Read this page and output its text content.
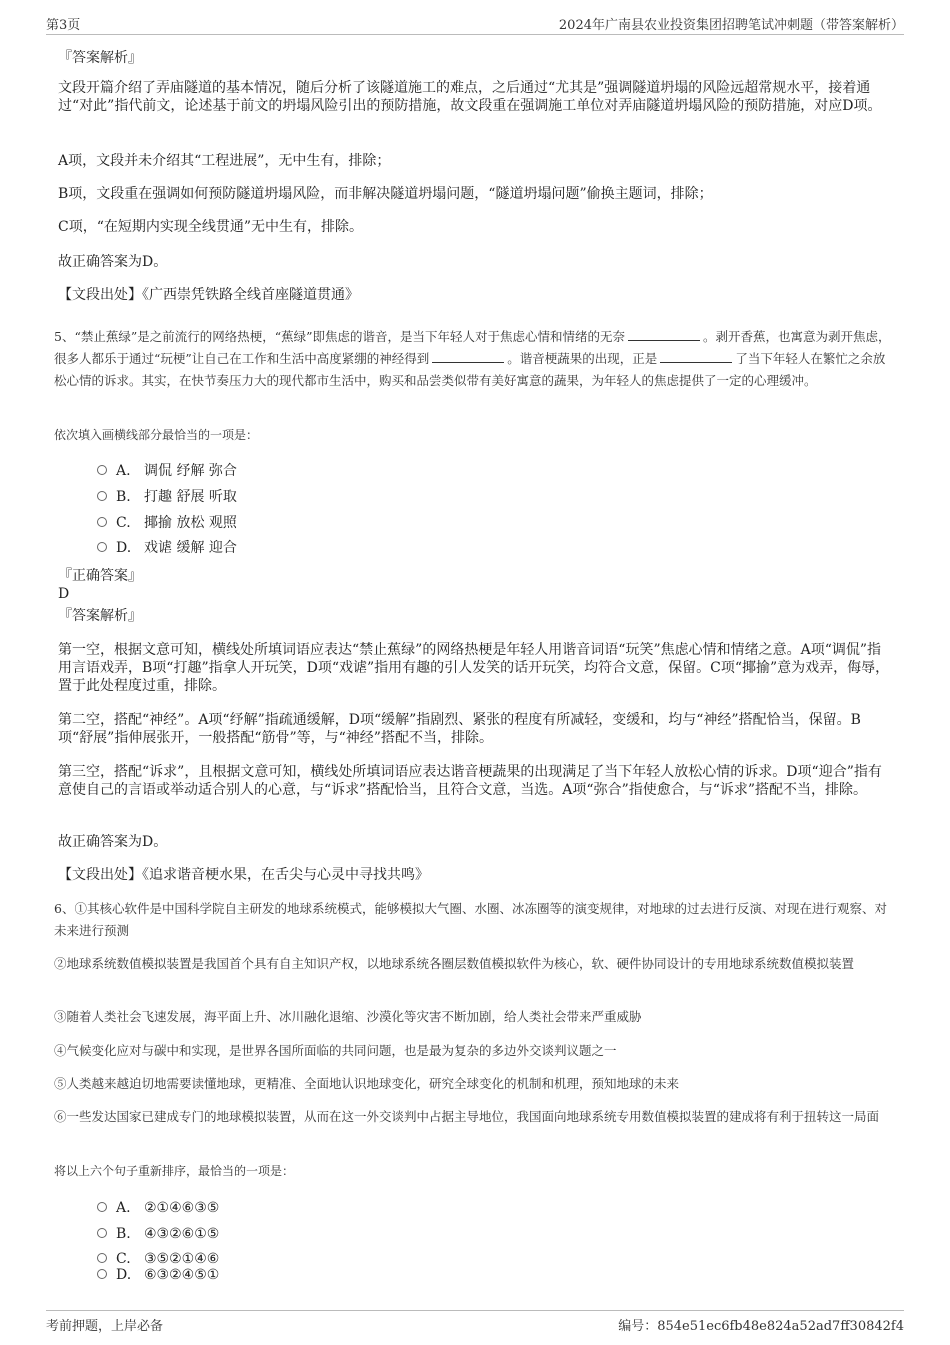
第3页	2024年广南县农业投资集团招聘笔试冲刺题（带答案解析）

『答案解析』

文段开篇介绍了弄庙隧道的基本情况，随后分析了该隧道施工的难点，之后通过“尤其是”强调隧道坍塌的风险远超常规水平，接着通过“对此”指代前文，论述基于前文的坍塌风险引出的预防措施，故文段重在强调施工单位对弄庙隧道坍塌风险的预防措施，对应D项。

A项，文段并未介绍其“工程进展”，无中生有，排除；

B项，文段重在强调如何预防隧道坍塌风险，而非解决隧道坍塌问题，“隧道坍塌问题”偷换主题词，排除；

C项，“在短期内实现全线贯通”无中生有，排除。

故正确答案为D。

【文段出处】《广西崇凭铁路全线首座隧道贯通》

5、“禁止蕉绿”是之前流行的网络热梗，“蕉绿”即焦虑的谐音，是当下年轻人对于焦虑心情和情绪的无奈	。剥开香蕉，也寓意为剥开焦虑，很多人都乐于通过“玩梗”让自己在工作和生活中高度紧绷的神经得到	。谐音梗蔬果的出现，正是	了当下年轻人在繁忙之余放松心情的诉求。其实，在快节奏压力大的现代都市生活中，购买和品尝类似带有美好寓意的蔬果，为年轻人的焦虑提供了一定的心理缓冲。

依次填入画横线部分最恰当的一项是：

A. 调侃 纾解 弥合
B. 打趣 舒展 听取
C. 揶揄 放松 观照
D. 戏谑 缓解 迎合

『正确答案』

D

『答案解析』

第一空，根据文意可知，横线处所填词语应表达“禁止蕉绿”的网络热梗是年轻人用谐音词语“玩笑”焦虑心情和情绪之意。A项“调侃”指用言语戏弄，B项“打趣”指拿人开玩笑，D项“戏谑”指用有趣的引人发笑的话开玩笑，均符合文意，保留。C项“揶揄”意为戏弄，侮辱，置于此处程度过重，排除。

第二空，搭配“神经”。A项“纾解”指疏通缓解，D项“缓解”指剧烈、紧张的程度有所减轻，变缓和，均与“神经”搭配恰当，保留。B项“舒展”指伸展张开，一般搭配“筋骨”等，与“神经”搭配不当，排除。

第三空，搭配“诉求”，且根据文意可知，横线处所填词语应表达谐音梗蔬果的出现满足了当下年轻人放松心情的诉求。D项“迎合”指有意使自己的言语或举动适合别人的心意，与“诉求”搭配恰当，且符合文意，当选。A项“弥合”指使愈合，与“诉求”搭配不当，排除。

故正确答案为D。

【文段出处】《追求谐音梗水果，在舌尖与心灵中寻找共鸣》

6、①其核心软件是中国科学院自主研发的地球系统模式，能够模拟大气圈、水圈、冰冻圈等的演变规律，对地球的过去进行反演、对现在进行观察、对未来进行预测

②地球系统数值模拟装置是我国首个具有自主知识产权，以地球系统各圈层数值模拟软件为核心，软、硬件协同设计的专用地球系统数值模拟装置

③随着人类社会飞速发展，海平面上升、冰川融化退缩、沙漠化等灾害不断加剧，给人类社会带来严重威胁

④气候变化应对与碳中和实现，是世界各国所面临的共同问题，也是最为复杂的多边外交谈判议题之一

⑤人类越来越迫切地需要读懂地球，更精准、全面地认识地球变化，研究全球变化的机制和机理，预知地球的未来

⑥一些发达国家已建成专门的地球模拟装置，从而在这一外交谈判中占据主导地位，我国面向地球系统专用数值模拟装置的建成将有利于扭转这一局面

将以上六个句子重新排序，最恰当的一项是：

A. ②①④⑥③⑤
B. ④③②⑥①⑤
C. ③⑤②①④⑥
D. ⑥③②④⑤①
考前押题，上岸必备	编号：854e51ec6fb48e824a52ad7ff30842f4
